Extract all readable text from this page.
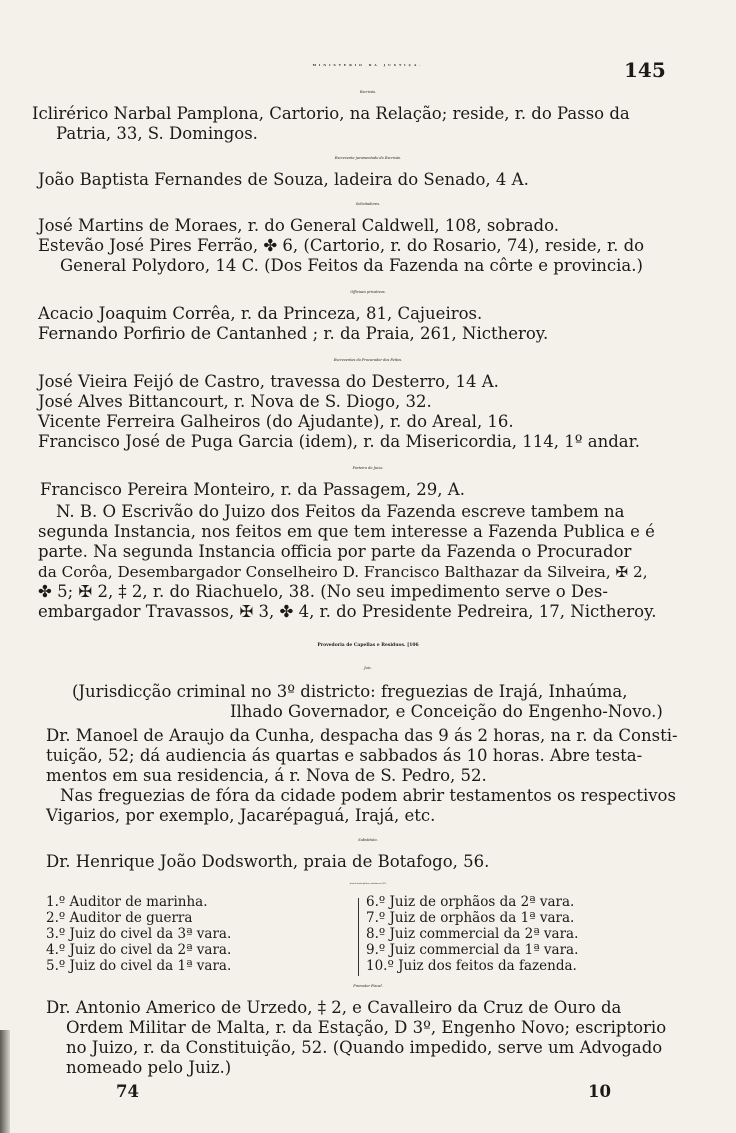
MINISTERIO DA JUSTIÇA.	145
Escrivão.
Iclirérico Narbal Pamplona, Cartorio, na Relação; reside, r. do Passo da
Patria, 33, S. Domingos.
Escrevente juramentado do Escrivão.
João Baptista Fernandes de Souza, ladeira do Senado, 4 A.
Solicitadores.
José Martins de Moraes, r. do General Caldwell, 108, sobrado.
Estevão José Pires Ferrão, ✤ 6, (Cartorio, r. do Rosario, 74), reside, r. do
General Polydoro, 14 C. (Dos Feitos da Fazenda na côrte e provincia.)
Officiaes privativos.
Acacio Joaquim Corrêa, r. da Princeza, 81, Cajueiros.
Fernando Porfirio de Cantanhed ; r. da Praia, 261, Nictheroy.
Escreventes do Procurador dos Feitos.
José Vieira Feijó de Castro, travessa do Desterro, 14 A.
José Alves Bittancourt, r. Nova de S. Diogo, 32.
Vicente Ferreira Galheiros (do Ajudante), r. do Areal, 16.
Francisco José de Puga Garcia (idem), r. da Misericordia, 114, 1º andar.
Porteiro do Juizo.
Francisco Pereira Monteiro, r. da Passagem, 29, A.
N. B. O Escrivão do Juizo dos Feitos da Fazenda escreve tambem na
segunda Instancia, nos feitos em que tem interesse a Fazenda Publica e é
parte. Na segunda Instancia officia por parte da Fazenda o Procurador
da Corôa, Desembargador Conselheiro D. Francisco Balthazar da Silveira, ✠ 2,
✤ 5; ✠ 2, ‡ 2, r. do Riachuelo, 38. (No seu impedimento serve o Des-
embargador Travassos, ✠ 3, ✤ 4, r. do Presidente Pedreira, 17, Nictheroy.
Provedoria de Capellas e Residuos. [106
Juiz.
(Jurisdicção criminal no 3º districto: freguezias de Irajá, Inhaúma,
Ilhado Governador, e Conceição do Engenho-Novo.)
Dr. Manoel de Araujo da Cunha, despacha das 9 ás 2 horas, na r. da Consti-
tuição, 52; dá audiencia ás quartas e sabbados ás 10 horas. Abre testa-
mentos em sua residencia, á r. Nova de S. Pedro, 52.
Nas freguezias de fóra da cidade podem abrir testamentos os respectivos
Vigarios, por exemplo, Jacarépaguá, Irajá, etc.
Substituto.
Dr. Henrique João Dodsworth, praia de Botafogo, 56.
Juizes de direito effectivos, substitutos em 1874.
1.º Auditor de marinha.
2.º Auditor de guerra
3.º Juiz do civel da 3ª vara.
4.º Juiz do civel da 2ª vara.
5.º Juiz do civel da 1ª vara.
6.º Juiz de orphãos da 2ª vara.
7.º Juiz de orphãos da 1ª vara.
8.º Juiz commercial da 2ª vara.
9.º Juiz commercial da 1ª vara.
10.º Juiz dos feitos da fazenda.
Promotor Fiscal.
Dr. Antonio Americo de Urzedo, ‡ 2, e Cavalleiro da Cruz de Ouro da
Ordem Militar de Malta, r. da Estação, D 3º, Engenho Novo; escriptorio
no Juizo, r. da Constituição, 52. (Quando impedido, serve um Advogado
nomeado pelo Juiz.)
74	10
